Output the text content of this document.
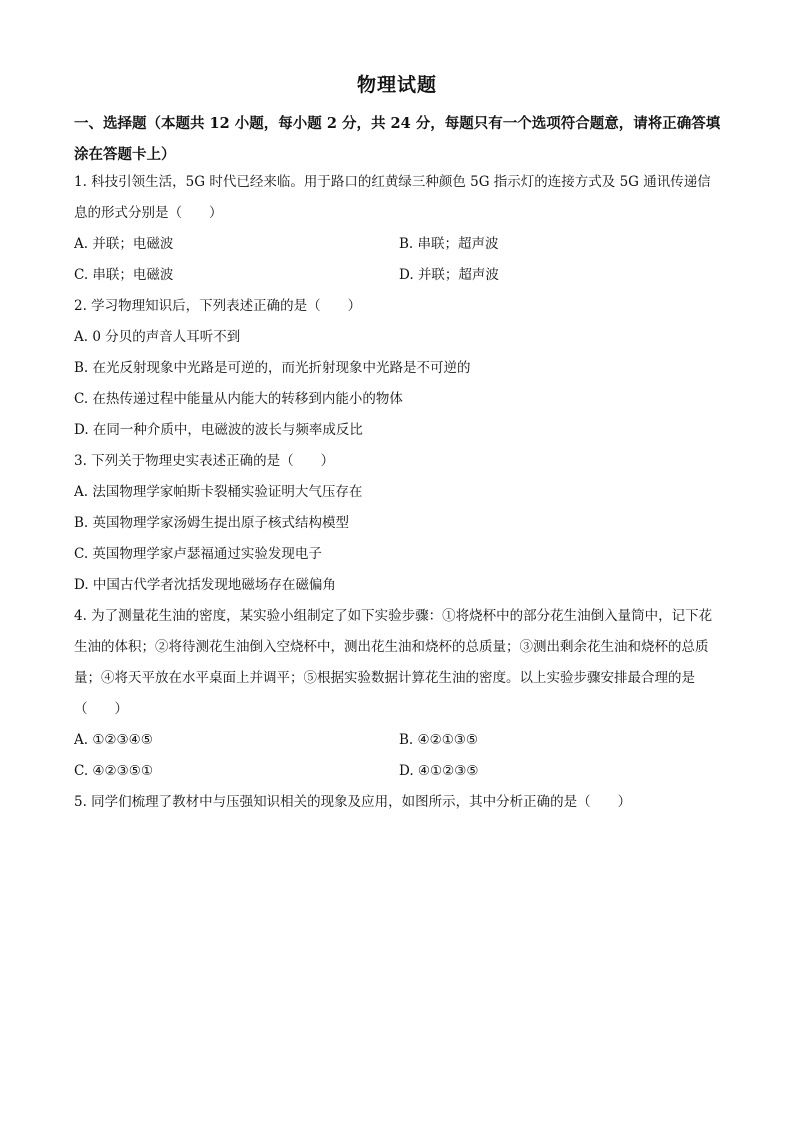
物理试题
一、选择题（本题共 12 小题，每小题 2 分，共 24 分，每题只有一个选项符合题意，请将正确答填涂在答题卡上）
1. 科技引领生活，5G 时代已经来临。用于路口的红黄绿三种颜色 5G 指示灯的连接方式及 5G 通讯传递信息的形式分别是（　　）
A. 并联；电磁波	B. 串联；超声波
C. 串联；电磁波	D. 并联；超声波
2. 学习物理知识后，下列表述正确的是（　　）
A. 0 分贝的声音人耳听不到
B. 在光反射现象中光路是可逆的，而光折射现象中光路是不可逆的
C. 在热传递过程中能量从内能大的转移到内能小的物体
D. 在同一种介质中，电磁波的波长与频率成反比
3. 下列关于物理史实表述正确的是（　　）
A. 法国物理学家帕斯卡裂桶实验证明大气压存在
B. 英国物理学家汤姆生提出原子核式结构模型
C. 英国物理学家卢瑟福通过实验发现电子
D. 中国古代学者沈括发现地磁场存在磁偏角
4. 为了测量花生油的密度，某实验小组制定了如下实验步骤：①将烧杯中的部分花生油倒入量筒中，记下花生油的体积；②将待测花生油倒入空烧杯中，测出花生油和烧杯的总质量；③测出剩余花生油和烧杯的总质量；④将天平放在水平桌面上并调平；⑤根据实验数据计算花生油的密度。以上实验步骤安排最合理的是（　　）
A. ①②③④⑤	B. ④②①③⑤
C. ④②③⑤①	D. ④①②③⑤
5. 同学们梳理了教材中与压强知识相关的现象及应用，如图所示，其中分析正确的是（　　）
